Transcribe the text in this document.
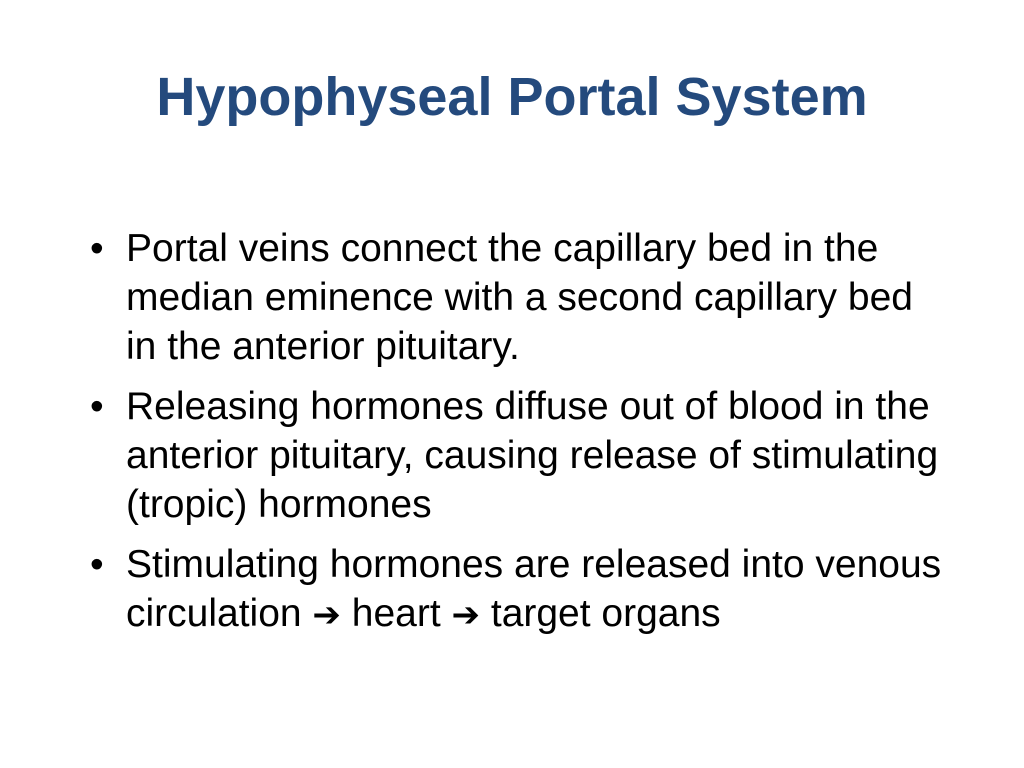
Hypophyseal Portal System
• Portal veins connect the capillary bed in the median eminence with a second capillary bed in the anterior pituitary.
• Releasing hormones diffuse out of blood in the anterior pituitary, causing release of stimulating (tropic) hormones
• Stimulating hormones are released into venous circulation ➔ heart ➔ target organs
